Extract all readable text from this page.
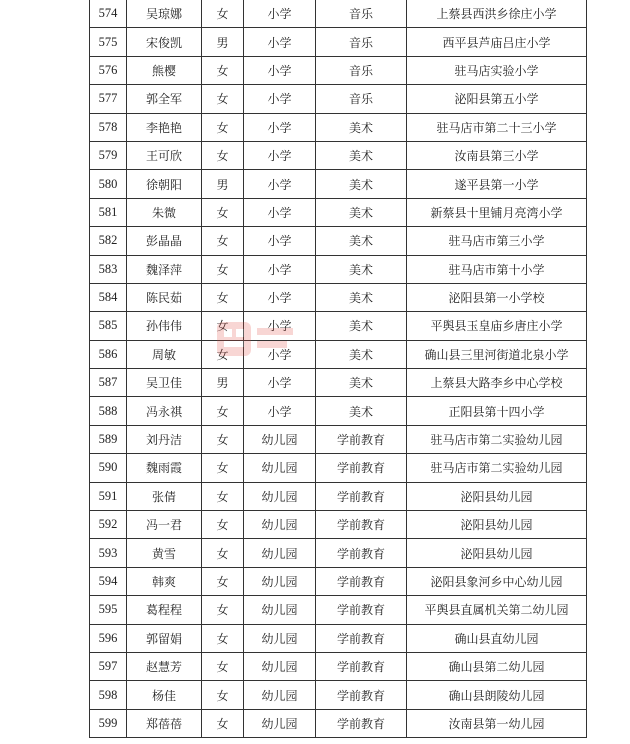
574	吴琼娜	女	小学	音乐	上蔡县西洪乡徐庄小学
575	宋俊凯	男	小学	音乐	西平县芦庙吕庄小学
576	熊樱	女	小学	音乐	驻马店实验小学
577	郭全军	女	小学	音乐	泌阳县第五小学
578	李艳艳	女	小学	美术	驻马店市第二十三小学
579	王可欣	女	小学	美术	汝南县第三小学
580	徐朝阳	男	小学	美术	遂平县第一小学
581	朱微	女	小学	美术	新蔡县十里铺月亮湾小学
582	彭晶晶	女	小学	美术	驻马店市第三小学
583	魏泽萍	女	小学	美术	驻马店市第十小学
584	陈民茹	女	小学	美术	泌阳县第一小学校
585	孙伟伟	女	小学	美术	平舆县玉皇庙乡唐庄小学
586	周敏	女	小学	美术	确山县三里河街道北泉小学
587	吴卫佳	男	小学	美术	上蔡县大路李乡中心学校
588	冯永祺	女	小学	美术	正阳县第十四小学
589	刘丹洁	女	幼儿园	学前教育	驻马店市第二实验幼儿园
590	魏雨霞	女	幼儿园	学前教育	驻马店市第二实验幼儿园
591	张倩	女	幼儿园	学前教育	泌阳县幼儿园
592	冯一君	女	幼儿园	学前教育	泌阳县幼儿园
593	黄雪	女	幼儿园	学前教育	泌阳县幼儿园
594	韩爽	女	幼儿园	学前教育	泌阳县象河乡中心幼儿园
595	葛程程	女	幼儿园	学前教育	平舆县直属机关第二幼儿园
596	郭留娟	女	幼儿园	学前教育	确山县直幼儿园
597	赵慧芳	女	幼儿园	学前教育	确山县第二幼儿园
598	杨佳	女	幼儿园	学前教育	确山县朗陵幼儿园
599	郑蓓蓓	女	幼儿园	学前教育	汝南县第一幼儿园
